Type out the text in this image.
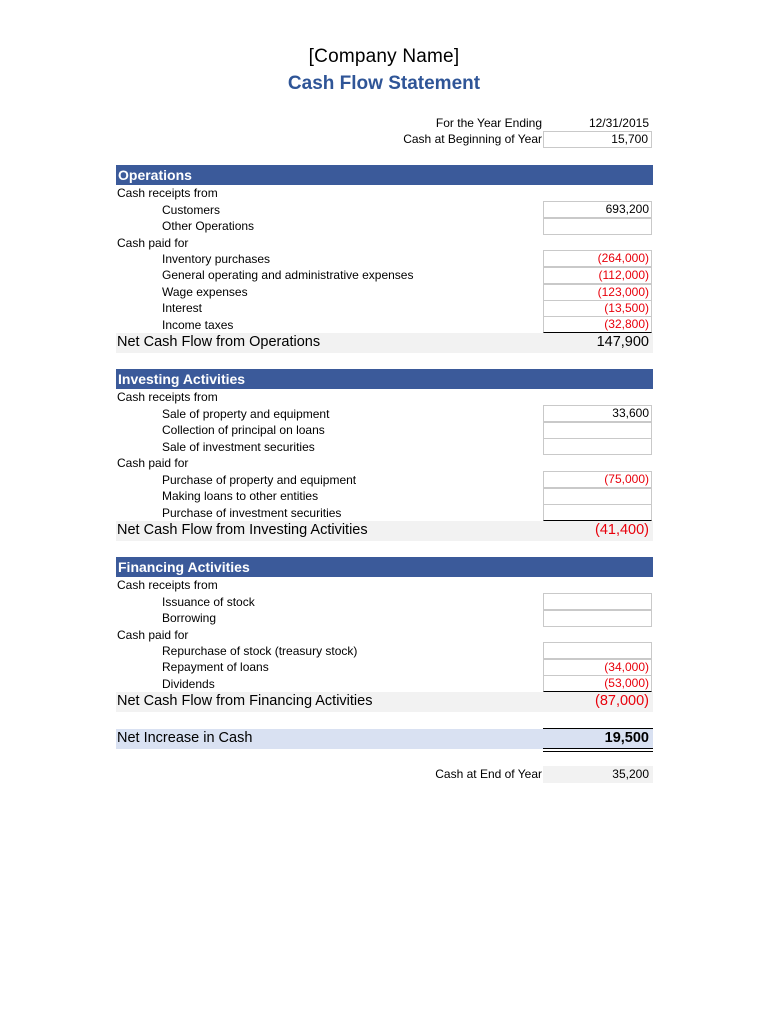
[Company Name]
Cash Flow Statement
For the Year Ending	12/31/2015
Cash at Beginning of Year	15,700
Operations
Cash receipts from
Customers	693,200
Other Operations
Cash paid for
Inventory purchases	(264,000)
General operating and administrative expenses	(112,000)
Wage expenses	(123,000)
Interest	(13,500)
Income taxes	(32,800)
Net Cash Flow from Operations	147,900
Investing Activities
Cash receipts from
Sale of property and equipment	33,600
Collection of principal on loans
Sale of investment securities
Cash paid for
Purchase of property and equipment	(75,000)
Making loans to other entities
Purchase of investment securities
Net Cash Flow from Investing Activities	(41,400)
Financing Activities
Cash receipts from
Issuance of stock
Borrowing
Cash paid for
Repurchase of stock (treasury stock)
Repayment of loans	(34,000)
Dividends	(53,000)
Net Cash Flow from Financing Activities	(87,000)
Net Increase in Cash	19,500
Cash at End of Year	35,200
